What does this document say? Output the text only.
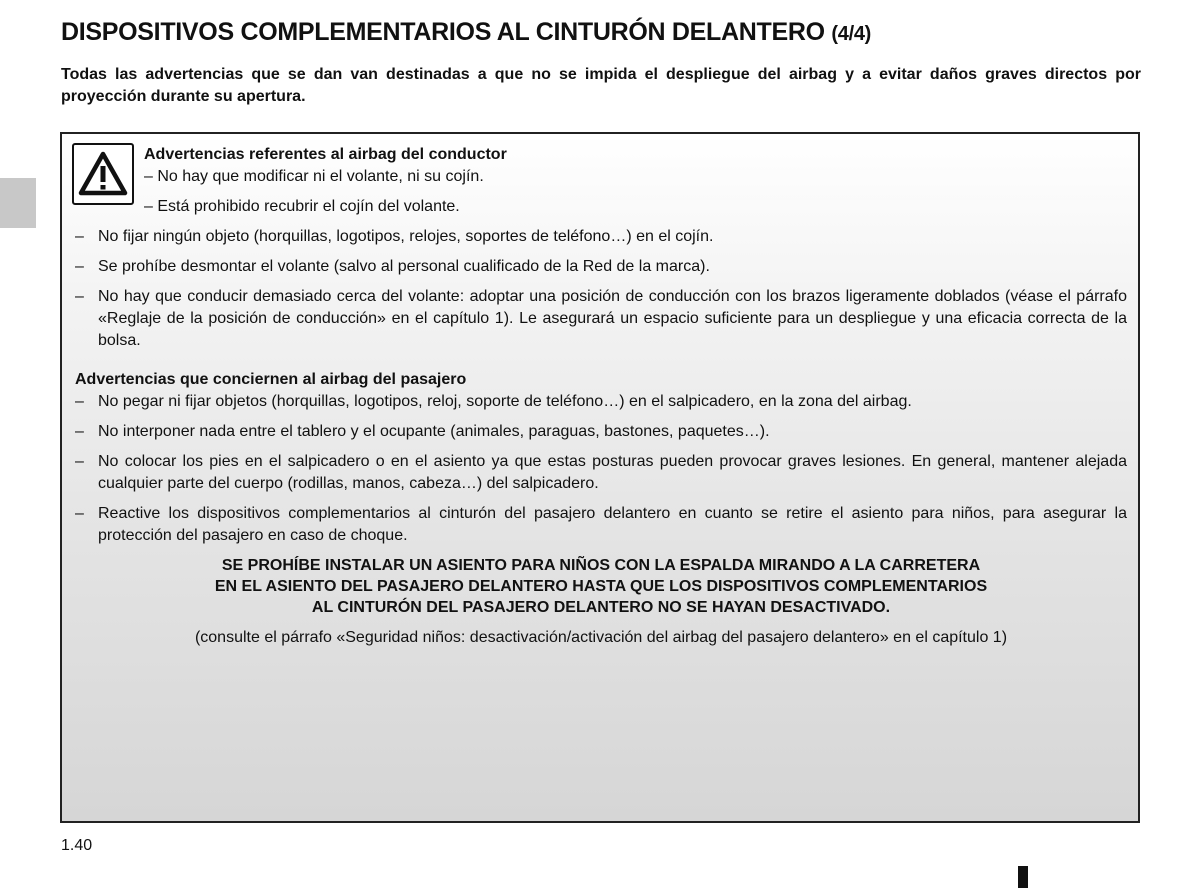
DISPOSITIVOS COMPLEMENTARIOS AL CINTURÓN DELANTERO (4/4)

Todas las advertencias que se dan van destinadas a que no se impida el despliegue del airbag y a evitar daños graves directos por proyección durante su apertura.

Advertencias referentes al airbag del conductor
– No hay que modificar ni el volante, ni su cojín.
– Está prohibido recubrir el cojín del volante.
– No fijar ningún objeto (horquillas, logotipos, relojes, soportes de teléfono…) en el cojín.
– Se prohíbe desmontar el volante (salvo al personal cualificado de la Red de la marca).
– No hay que conducir demasiado cerca del volante: adoptar una posición de conducción con los brazos ligeramente doblados (véase el párrafo «Reglaje de la posición de conducción» en el capítulo 1). Le asegurará un espacio suficiente para un despliegue y una eficacia correcta de la bolsa.
Advertencias que conciernen al airbag del pasajero
– No pegar ni fijar objetos (horquillas, logotipos, reloj, soporte de teléfono…) en el salpicadero, en la zona del airbag.
– No interponer nada entre el tablero y el ocupante (animales, paraguas, bastones, paquetes…).
– No colocar los pies en el salpicadero o en el asiento ya que estas posturas pueden provocar graves lesiones. En general, mantener alejada cualquier parte del cuerpo (rodillas, manos, cabeza…) del salpicadero.
– Reactive los dispositivos complementarios al cinturón del pasajero delantero en cuanto se retire el asiento para niños, para asegurar la protección del pasajero en caso de choque.
SE PROHÍBE INSTALAR UN ASIENTO PARA NIÑOS CON LA ESPALDA MIRANDO A LA CARRETERA
EN EL ASIENTO DEL PASAJERO DELANTERO HASTA QUE LOS DISPOSITIVOS COMPLEMENTARIOS
AL CINTURÓN DEL PASAJERO DELANTERO NO SE HAYAN DESACTIVADO.
(consulte el párrafo «Seguridad niños: desactivación/activación del airbag del pasajero delantero» en el capítulo 1)
1.40
